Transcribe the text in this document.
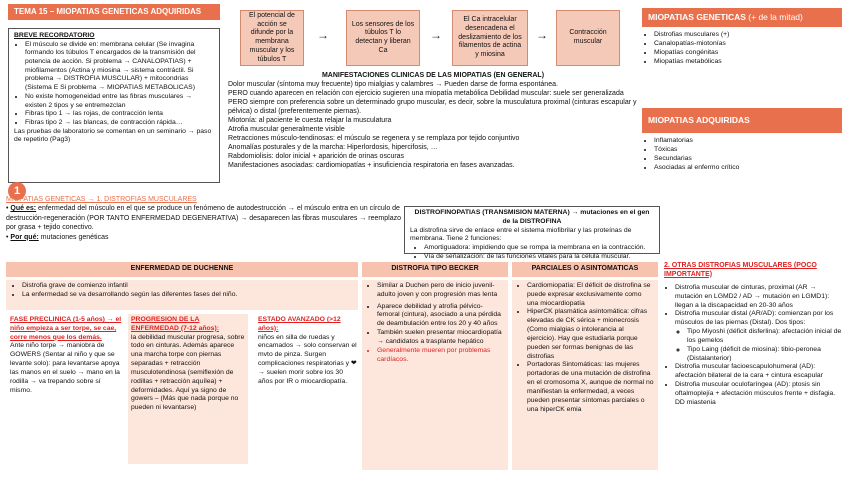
TEMA 15 – MIOPATIAS GENETICAS ADQUIRIDAS
BREVE RECORDATORIO
• El músculo se divide en: membrana celular (Se invagina formando los túbulos T encargados de la transmisión del potencia de acción. Si problema → CANALOPATIAS) + miofilamentos (Actina y miosina → sistema contráctil. Si problema → DISTROFIA MUSCULAR) + mitocondrias (Sistema E Si problema → MIOPATIAS METABOLICAS)
• No existe homogeneidad entre las fibras musculares → existen 2 tipos y se entremezclan
• Fibras tipo 1 → las rojas, de contracción lenta
• Fibras tipo 2 → las blancas, de contracción rápida…
Las pruebas de laboratorio se comentan en un seminario → paso de repetirlo (Pag3)
El potencial de acción se difunde por la membrana muscular y los túbulos T
→
Los sensores de los túbulos T lo detectan y liberan Ca
→
El Ca intracelular desencadena el deslizamiento de los filamentos de actina y miosina
→	Contracción muscular
MIOPATIAS GENETICAS (+ de la mitad)
• Distrofias musculares (+)
• Canalopatías-miotonías
• Miopatías congénitas
• Miopatías metabólicas
MIOPATIAS ADQUIRIDAS
• Inflamatorias
• Tóxicas
• Secundarias
• Asociadas al enfermo crítico
MANIFESTACIONES CLINICAS DE LAS MIOPATIAS (EN GENERAL)
Dolor muscular (síntoma muy frecuente) tipo mialgias y calambres → Pueden darse de forma espontánea.
PERO cuando aparecen en relación con ejercicio sugieren una miopatía metabólica Debilidad muscular: suele ser generalizada PERO siempre con preferencia sobre un determinado grupo muscular, es decir, sobre la musculatura proximal (cinturas escapular y pélvica) o distal (preferentemente piernas).
Miotonía: al paciente le cuesta relajar la musculatura
Atrofia muscular generalmente visible
Retracciones músculo-tendinosas: el músculo se regenera y se remplaza por tejido conjuntivo
Anomalías posturales y de la marcha: Hiperlordosis, hipercifosis, …
Rabdomiolisis: dolor inicial + aparición de orinas oscuras
Manifestaciones asociadas: cardiomiopatías + insuficiencia respiratoria en fases avanzadas.
1
MIOPATIAS GENETICAS → 1. DISTROFIAS MUSCULARES
• Qué es: enfermedad del músculo en el que se produce un fenómeno de autodestrucción → el músculo entra en un círculo de destrucción-regeneración (POR TANTO ENFERMEDAD DEGENERATIVA) → desaparecen las fibras musculares → reemplazo por grasa + tejido conectivo.
• Por qué: mutaciones genéticas
DISTROFINOPATIAS (TRANSMISION MATERNA) → mutaciones en el gen de la DISTROFINA
La distrofina sirve de enlace entre el sistema miofibrilar y las proteínas de membrana. Tiene 2 funciones:
• Amortiguadora: impidiendo que se rompa la membrana en la contracción.
• Vía de señalización: de las funciones vitales para la célula muscular.
ENFERMEDAD DE DUCHENNE	DISTROFIA TIPO BECKER	PARCIALES O ASINTOMATICAS	2. OTRAS DISTROFIAS MUSCULARES (POCO IMPORTANTE)
• Distrofia grave de comienzo infantil
• La enfermedad se va desarrollando según las diferentes fases del niño.
FASE PRECLINICA (1-5 años) → el niño empieza a ser torpe, se cae, corre menos que los demás.
Ante niño torpe → maniobra de GOWERS (Sentar al niño y que se levante solo): para levantarse apoya las manos en el suelo → mano en la rodilla → va trepando sobre sí mismo.
PROGRESION DE LA ENFERMEDAD (7-12 años):
la debilidad muscular progresa, sobre todo en cinturas. Además aparece una marcha torpe con piernas separadas + retracción musculotendinosa (semiflexión de rodillas + retracción aquílea) + deformidades. Aquí ya signo de gowers – (Más que nada porque no pueden ni levantarse)
ESTADO AVANZADO (>12 años):
niños en silla de ruedas y encamados → solo conservan el mvto de pinza. Surgen complicaciones respiratorias y ❤ → suelen morir sobre los 30 años por IR o miocardiopatía.
• Similar a Duchen pero de inicio juvenil-adulto joven y con progresión mas lenta
• Aparece debilidad y atrofia pélvico-femoral (cintura), asociado a una pérdida de deambulación entre los 20 y 40 años
• También suelen presentar miocardiopatía → candidatos a trasplante hepático
• Generalmente mueren por problemas cardíacos.
• Cardiomiopatía: El déficit de distrofina se puede expresar exclusivamente como una miocardiopatía
• HiperCK plasmática asintomática: cifras elevadas de CK sérica + mionecrosis (Como mialgias o intolerancia al ejercicio). Hay que estudiarla porque pueden ser formas benignas de las distrofias
• Portadoras Sintomáticas: las mujeres portadoras de una mutación de distrofina en el cromosoma X, aunque de normal no manifiestan la enfermedad, a veces pueden presentar síntomas parciales o una hiperCK emia
• Distrofia muscular de cinturas, proximal (AR → mutación en LGMD2 / AD → mutación en LGMD1): llegan a la discapacidad en 20-30 años
• Distrofia muscular distal (AR/AD): comienzan por los músculos de las piernas (Distal). Dos tipos:
◦ Tipo Miyoshi (déficit disferlina): afectación inicial de los gemelos
◦ Tipo Laing (déficit de miosina): tibio-peronea (Distalanterior)
• Distrofia muscular facioescapulohumeral (AD): afectación bilateral de la cara + cintura escapular
• Distrofia muscular oculofaríngea (AD): ptosis sin oftalmoplejía + afectación músculos frente + disfagia. DD miastenia
